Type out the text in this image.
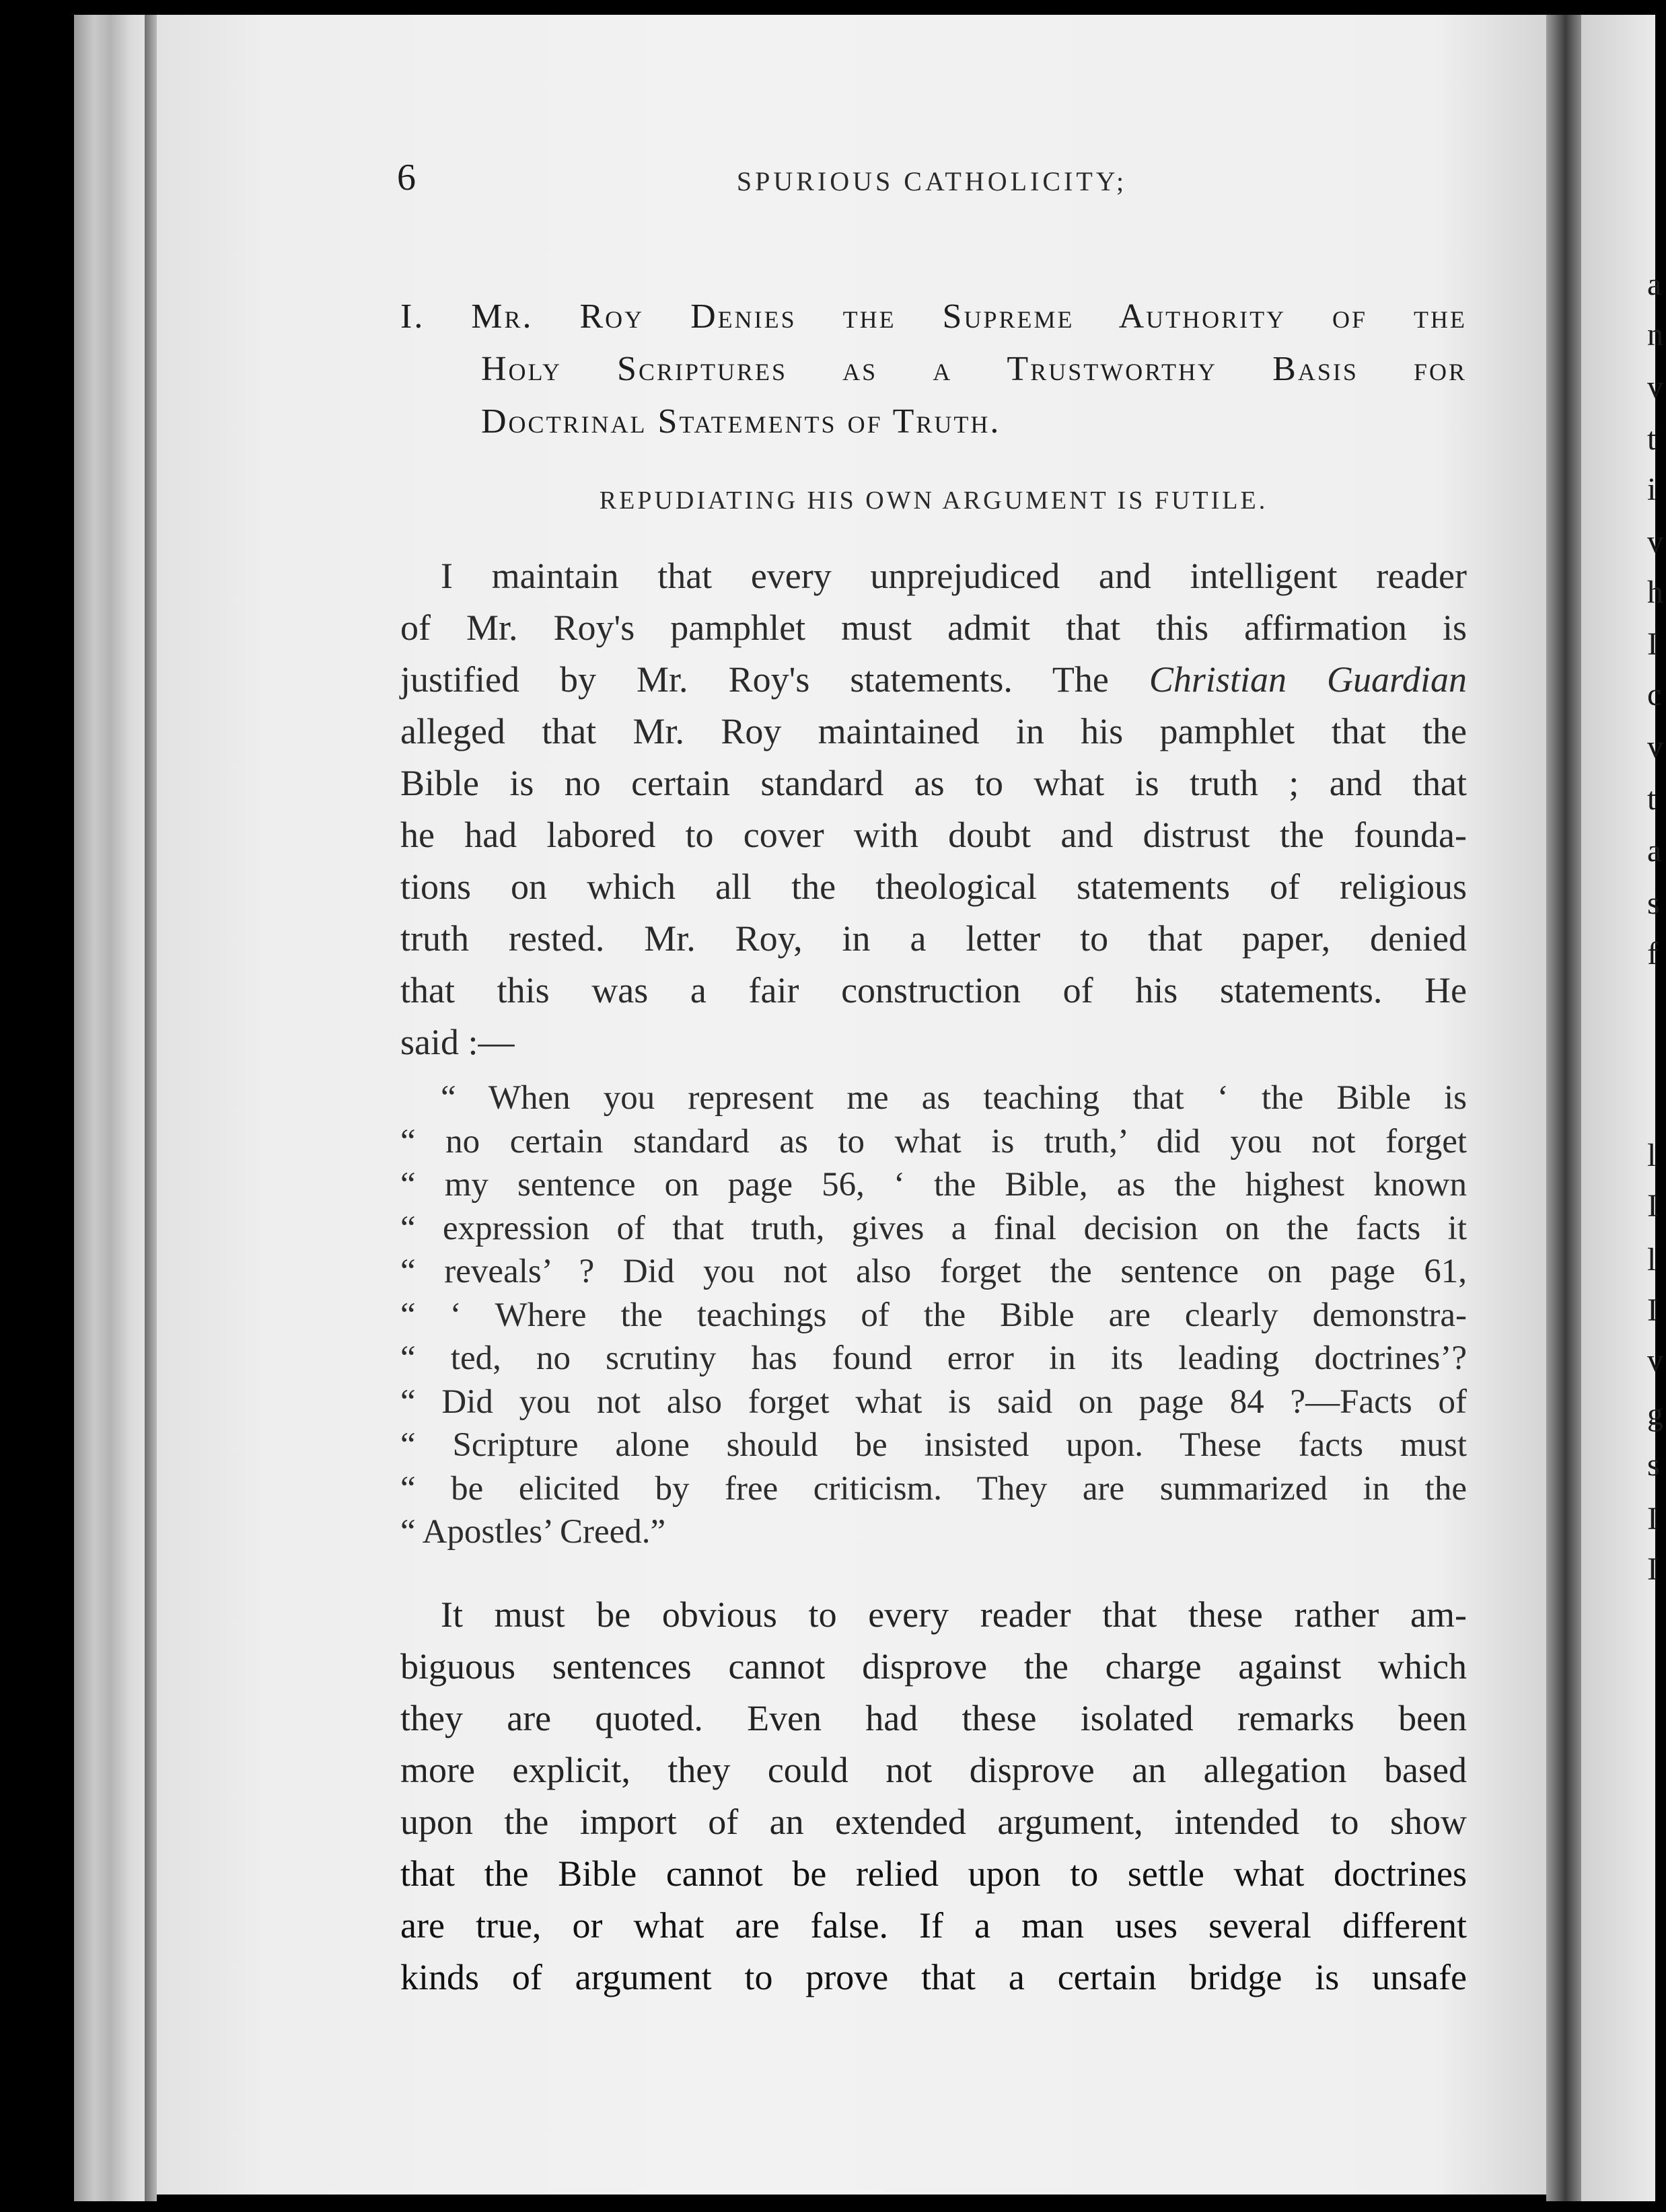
6	SPURIOUS CATHOLICITY;
I. Mr. Roy Denies the Supreme Authority of the
Holy Scriptures as a Trustworthy Basis for
Doctrinal Statements of Truth.
REPUDIATING HIS OWN ARGUMENT IS FUTILE.
I maintain that every unprejudiced and intelligent reader
of Mr. Roy's pamphlet must admit that this affirmation is
justified by Mr. Roy's statements. The Christian Guardian
alleged that Mr. Roy maintained in his pamphlet that the
Bible is no certain standard as to what is truth ; and that
he had labored to cover with doubt and distrust the founda-
tions on which all the theological statements of religious
truth rested. Mr. Roy, in a letter to that paper, denied
that this was a fair construction of his statements. He
said :—
“ When you represent me as teaching that ‘ the Bible is
“ no certain standard as to what is truth,’ did you not forget
“ my sentence on page 56, ‘ the Bible, as the highest known
“ expression of that truth, gives a final decision on the facts it
“ reveals’ ? Did you not also forget the sentence on page 61,
“ ‘ Where the teachings of the Bible are clearly demonstra-
“ ted, no scrutiny has found error in its leading doctrines’?
“ Did you not also forget what is said on page 84 ?—Facts of
“ Scripture alone should be insisted upon. These facts must
“ be elicited by free criticism. They are summarized in the
“ Apostles’ Creed.”
It must be obvious to every reader that these rather am-
biguous sentences cannot disprove the charge against which
they are quoted. Even had these isolated remarks been
more explicit, they could not disprove an allegation based
upon the import of an extended argument, intended to show
that the Bible cannot be relied upon to settle what doctrines
are true, or what are false. If a man uses several different
kinds of argument to prove that a certain bridge is unsafe
a
n
v
t
i
v
h
I
c
v
t
a
s
f
l
I
l
I
v
g
s
I
I
